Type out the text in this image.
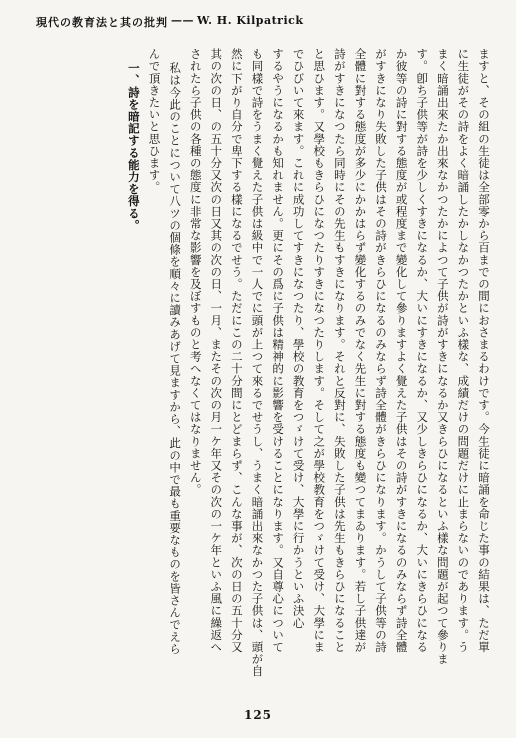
現代の教育法と其の批判 —— W. H. Kilpatrick
ますと、その組の生徒は全部零から百までの間におさまるわけです。今生徒に暗誦を命じた事の結果は、ただ單
に生徒がその詩をよく暗誦したかしなかつたかといふ樣な、成績だけの問題だけに止まらないのであります。う
まく暗誦出來たか出來なかつたかによつて子供が詩がすきになるか又きらひになるといふ樣な問題が起つて參りま
す。卽ち子供等が詩を少しくすきになるか、大いにすきになるか、又少しきらひになるか、大いにきらひになる
か彼等の詩に對する態度が或程度まで變化して參りますよく覺えた子供はその詩がすきになるのみならず詩全體
がすきになり失敗した子供はその詩がきらひになるのみならず詩全體がきらひになります。かうして子供等の詩
全體に對する態度が多少にかかはらず變化するのみでなく先生に對する態度も變つてまゐります。若し子供達が
詩がすきになつたら同時にその先生もすきになります。それと反對に、失敗した子供は先生もきらひになること
と思ひます。又學校もきらひになつたりすきになつたりします。そして之が學校教育をつゞけて受け、大學にま
でひびいて來ます。これに成功してすきになつたり、學校の教育をつゞけて受け、大學に行かうといふ決心
するやうになるかも知れません。更にその爲に子供は精神的に影響を受けることになります。又自尊心について
も同樣で詩をうまく覺えた子供は級中で一人でに頭が上つて來るでせうし、うまく暗誦出來なかつた子供は、頭が自
然に下がり自分で卑下する樣になるでせう。ただにこの二十分間にとどまらず、こんな事が、次の日の五十分又
其の次の日、の五十分又次の日又其の次の日、一月、またその次の月一ケ年又その次の一ケ年といふ風に繰返へ
されたら子供の各種の態度に非常な影響を及ぼすものと考へなくてはなりません。
私は今此のことについて八ツの個條を順々に讀みあげて見ますから、此の中で最も重要なものを皆さんでえら
んで頂きたいと思ひます。
一、詩を暗記する能力を得る。
125
